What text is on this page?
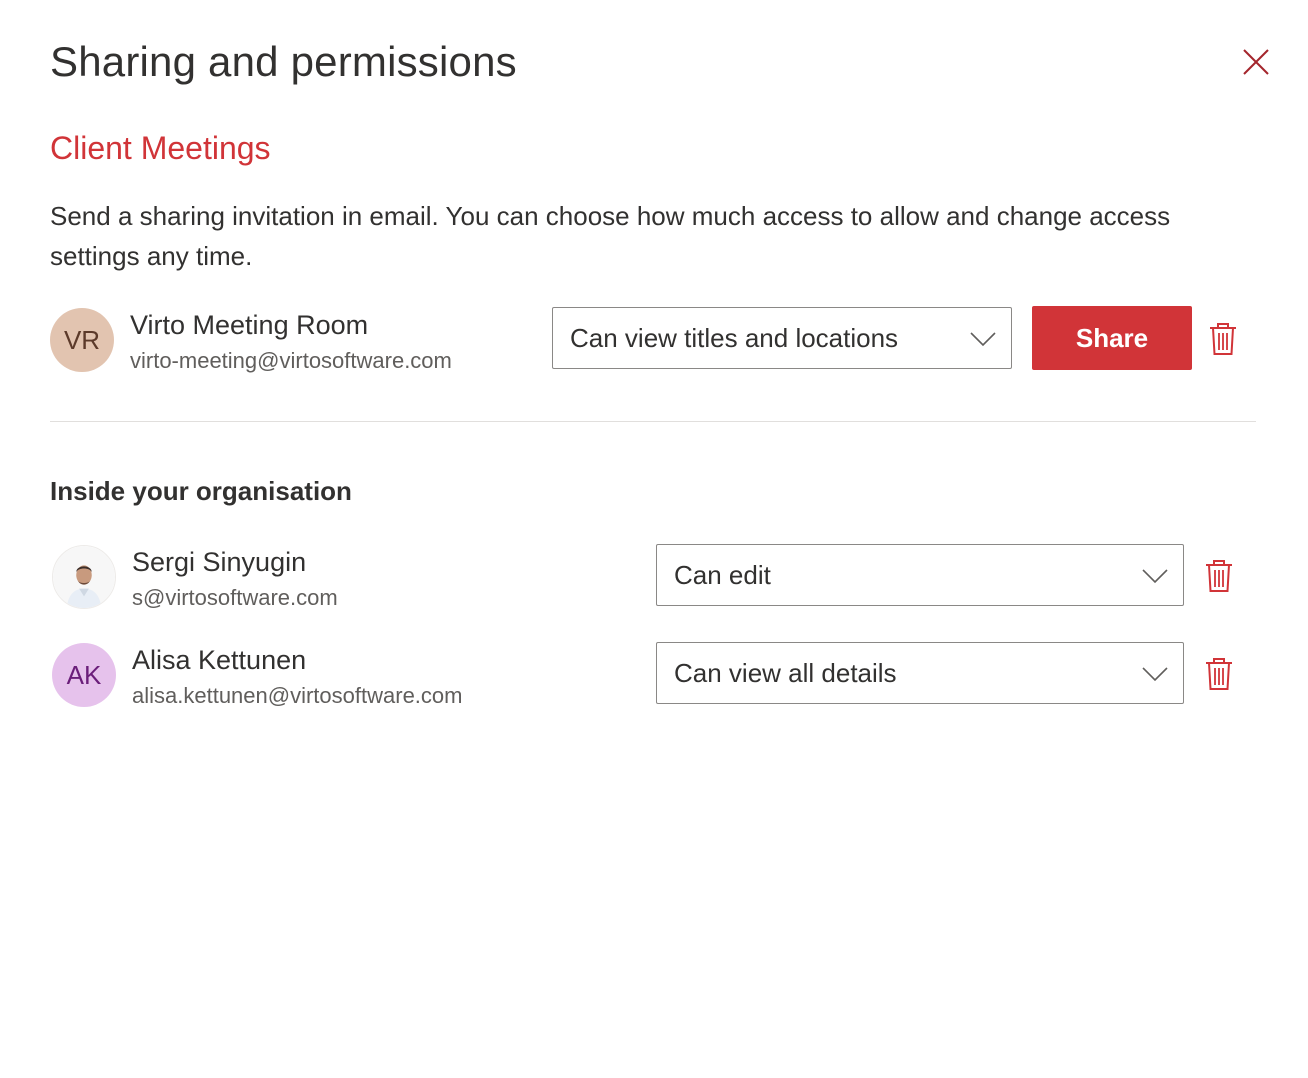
Sharing and permissions
Client Meetings
Send a sharing invitation in email. You can choose how much access to allow and change access settings any time.
VR Virto Meeting Room
virto-meeting@virtosoftware.com
Can view titles and locations	Share
Inside your organisation
Sergi Sinyugin
s@virtosoftware.com
Can edit
AK Alisa Kettunen
alisa.kettunen@virtosoftware.com
Can view all details
